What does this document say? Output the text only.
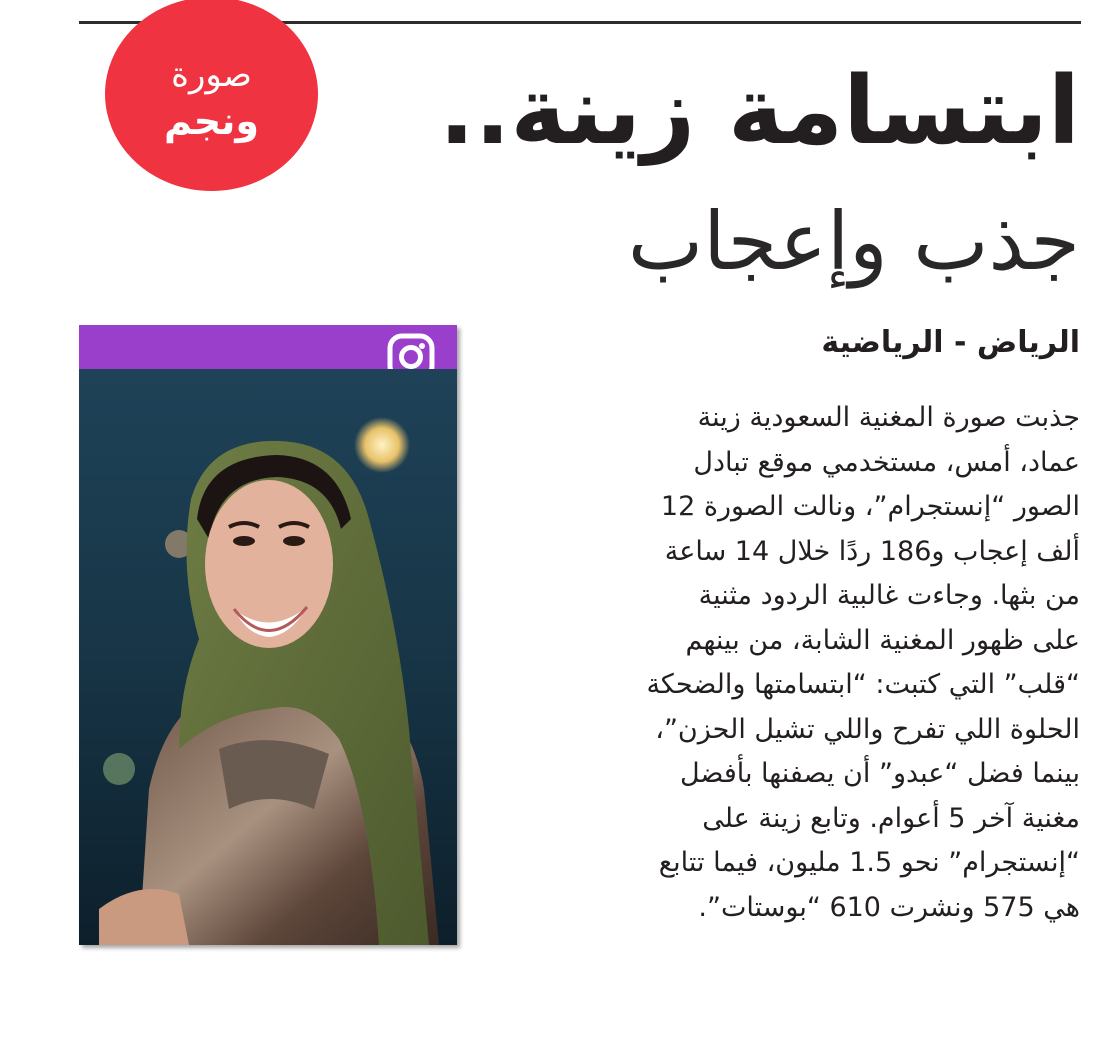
صورة
ونجم	ابتسامة زينة..
جذب وإعجاب
الرياض - الرياضية
جذبت صورة المغنية السعودية زينة
عماد، أمس، مستخدمي موقع تبادل
الصور “إنستجرام”، ونالت الصورة 12
ألف إعجاب و186 ردًا خلال 14 ساعة
من بثها. وجاءت غالبية الردود مثنية
على ظهور المغنية الشابة، من بينهم
“قلب” التي كتبت: “ابتسامتها والضحكة
الحلوة اللي تفرح واللي تشيل الحزن”،
بينما فضل “عبدو” أن يصفنها بأفضل
مغنية آخر 5 أعوام. وتابع زينة على
“إنستجرام” نحو 1.5 مليون، فيما تتابع
هي 575 ونشرت 610 “بوستات”.
